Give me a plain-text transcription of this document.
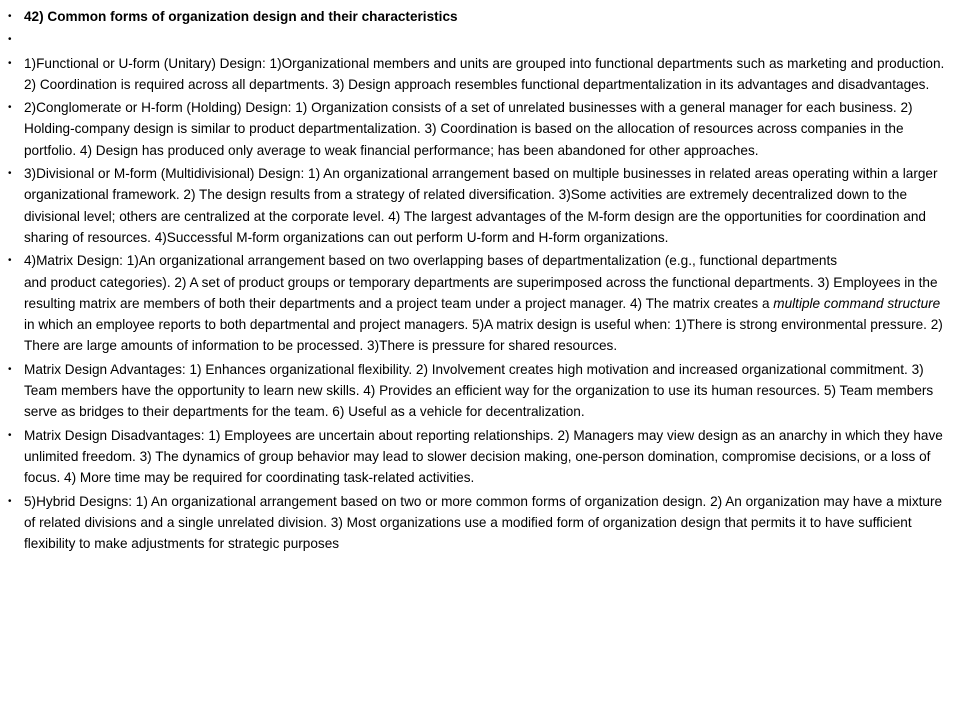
• 42) Common forms of organization design and their characteristics
•
• 1)Functional or U-form (Unitary) Design: 1)Organizational members and units are grouped into functional departments such as marketing and production. 2) Coordination is required across all departments. 3) Design approach resembles functional departmentalization in its advantages and disadvantages.
• 2)Conglomerate or H-form (Holding) Design: 1) Organization consists of a set of unrelated businesses with a general manager for each business. 2) Holding-company design is similar to product departmentalization. 3) Coordination is based on the allocation of resources across companies in the portfolio. 4) Design has produced only average to weak financial performance; has been abandoned for other approaches.
• 3)Divisional or M-form (Multidivisional) Design: 1) An organizational arrangement based on multiple businesses in related areas operating within a larger organizational framework. 2) The design results from a strategy of related diversification. 3)Some activities are extremely decentralized down to the divisional level; others are centralized at the corporate level. 4) The largest advantages of the M-form design are the opportunities for coordination and sharing of resources. 4)Successful M-form organizations can out perform U-form and H-form organizations.
• 4)Matrix Design: 1)An organizational arrangement based on two overlapping bases of departmentalization (e.g., functional departments
and product categories). 2) A set of product groups or temporary departments are superimposed across the functional departments. 3) Employees in the resulting matrix are members of both their departments and a project team under a project manager. 4) The matrix creates a multiple command structure in which an employee reports to both departmental and project managers. 5)A matrix design is useful when: 1)There is strong environmental pressure. 2) There are large amounts of information to be processed. 3)There is pressure for shared resources.
• Matrix Design Advantages: 1) Enhances organizational flexibility. 2) Involvement creates high motivation and increased organizational commitment. 3) Team members have the opportunity to learn new skills. 4) Provides an efficient way for the organization to use its human resources. 5) Team members serve as bridges to their departments for the team. 6) Useful as a vehicle for decentralization.
• Matrix Design Disadvantages: 1) Employees are uncertain about reporting relationships. 2) Managers may view design as an anarchy in which they have unlimited freedom. 3) The dynamics of group behavior may lead to slower decision making, one-person domination, compromise decisions, or a loss of focus. 4) More time may be required for coordinating task-related activities.
• 5)Hybrid Designs: 1) An organizational arrangement based on two or more common forms of organization design. 2) An organization may have a mixture of related divisions and a single unrelated division. 3) Most organizations use a modified form of organization design that permits it to have sufficient flexibility to make adjustments for strategic purposes
